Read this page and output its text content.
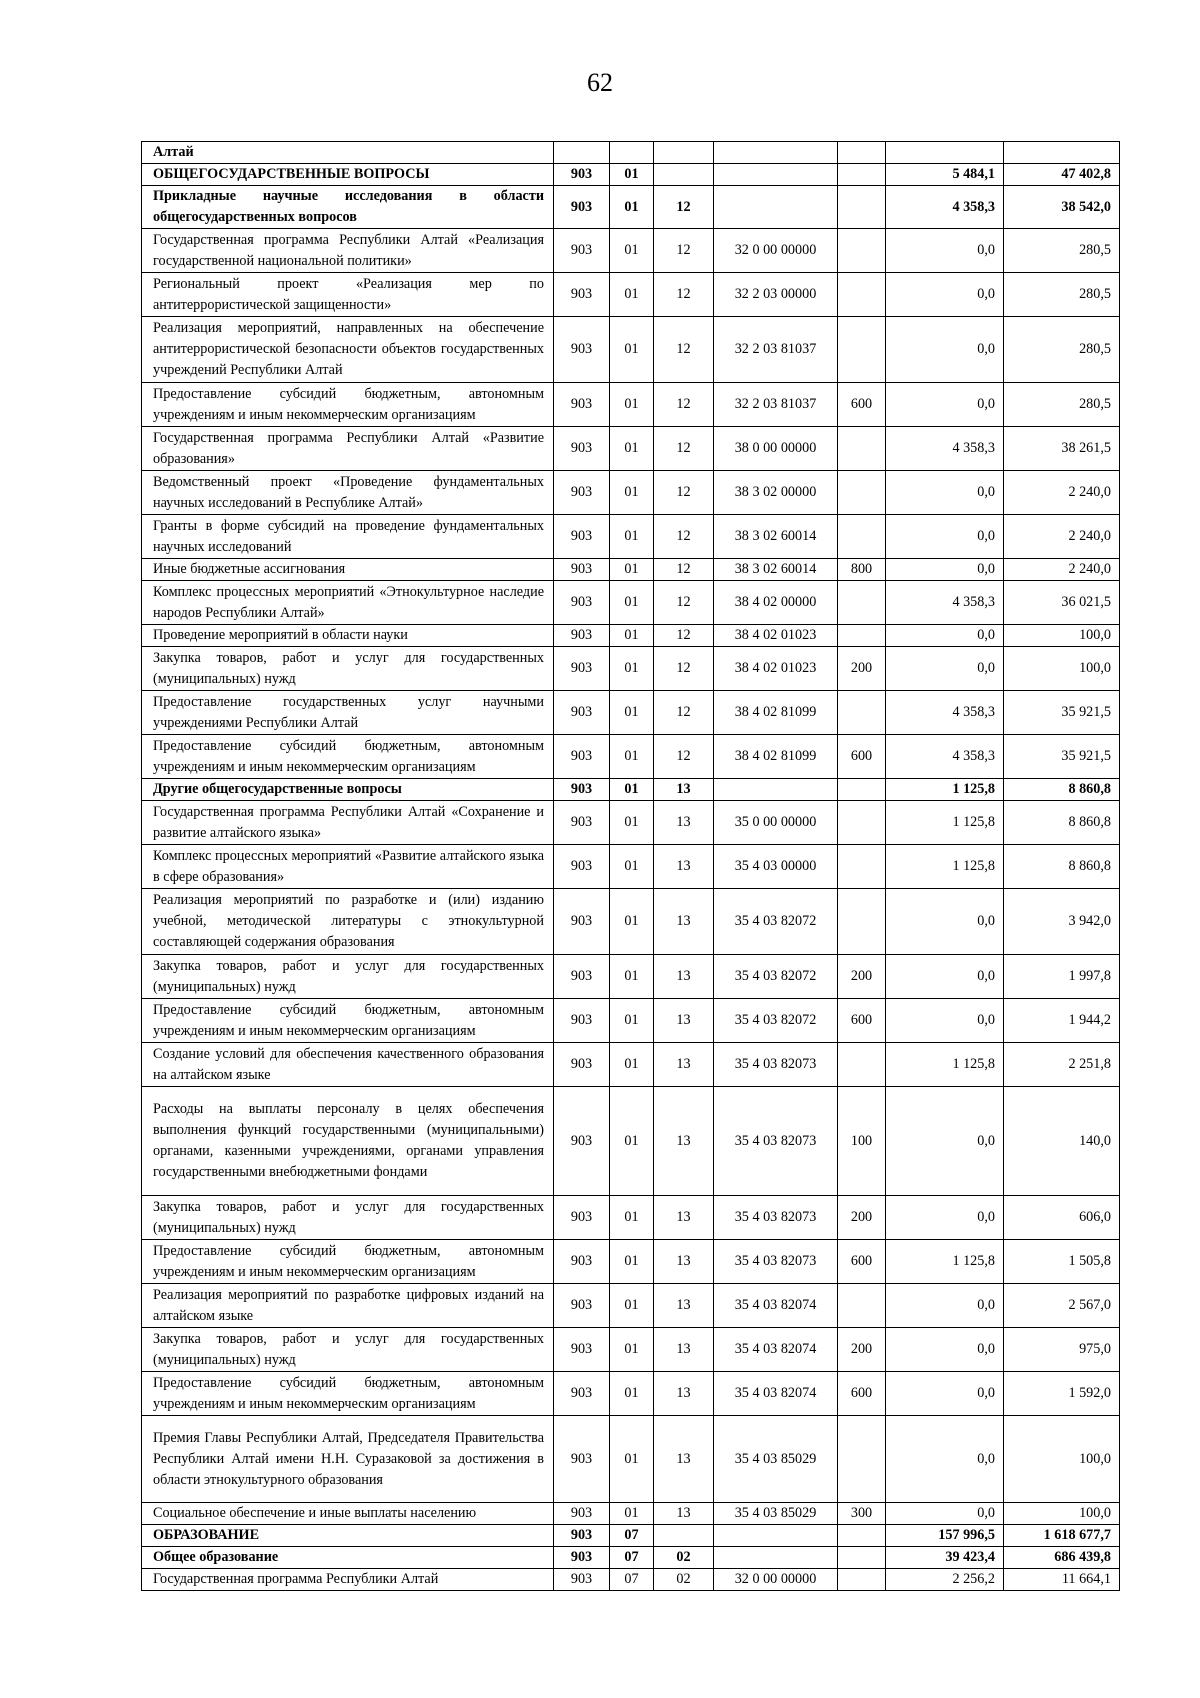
62
Алтай							
ОБЩЕГОСУДАРСТВЕННЫЕ ВОПРОСЫ	903	01				5 484,1	47 402,8
Прикладные научные исследования в области общегосударственных вопросов	903	01	12			4 358,3	38 542,0
Государственная программа Республики Алтай «Реализация государственной национальной политики»	903	01	12	32 0 00 00000		0,0	280,5
Региональный проект «Реализация мер по антитеррористической защищенности»	903	01	12	32 2 03 00000		0,0	280,5
Реализация мероприятий, направленных на обеспечение антитеррористической безопасности объектов государственных учреждений Республики Алтай	903	01	12	32 2 03 81037		0,0	280,5
Предоставление субсидий бюджетным, автономным учреждениям и иным некоммерческим организациям	903	01	12	32 2 03 81037	600	0,0	280,5
Государственная программа Республики Алтай «Развитие образования»	903	01	12	38 0 00 00000		4 358,3	38 261,5
Ведомственный проект «Проведение фундаментальных научных исследований в Республике Алтай»	903	01	12	38 3 02 00000		0,0	2 240,0
Гранты в форме субсидий на проведение фундаментальных научных исследований	903	01	12	38 3 02 60014		0,0	2 240,0
Иные бюджетные ассигнования	903	01	12	38 3 02 60014	800	0,0	2 240,0
Комплекс процессных мероприятий «Этнокультурное наследие народов Республики Алтай»	903	01	12	38 4 02 00000		4 358,3	36 021,5
Проведение мероприятий в области науки	903	01	12	38 4 02 01023		0,0	100,0
Закупка товаров, работ и услуг для государственных (муниципальных) нужд	903	01	12	38 4 02 01023	200	0,0	100,0
Предоставление государственных услуг научными учреждениями Республики Алтай	903	01	12	38 4 02 81099		4 358,3	35 921,5
Предоставление субсидий бюджетным, автономным учреждениям и иным некоммерческим организациям	903	01	12	38 4 02 81099	600	4 358,3	35 921,5
Другие общегосударственные вопросы	903	01	13			1 125,8	8 860,8
Государственная программа Республики Алтай «Сохранение и развитие алтайского языка»	903	01	13	35 0 00 00000		1 125,8	8 860,8
Комплекс процессных мероприятий «Развитие алтайского языка в сфере образования»	903	01	13	35 4 03 00000		1 125,8	8 860,8
Реализация мероприятий по разработке и (или) изданию учебной, методической литературы с этнокультурной составляющей содержания образования	903	01	13	35 4 03 82072		0,0	3 942,0
Закупка товаров, работ и услуг для государственных (муниципальных) нужд	903	01	13	35 4 03 82072	200	0,0	1 997,8
Предоставление субсидий бюджетным, автономным учреждениям и иным некоммерческим организациям	903	01	13	35 4 03 82072	600	0,0	1 944,2
Создание условий для обеспечения качественного образования на алтайском языке	903	01	13	35 4 03 82073		1 125,8	2 251,8
Расходы на выплаты персоналу в целях обеспечения выполнения функций государственными (муниципальными) органами, казенными учреждениями, органами управления государственными внебюджетными фондами	903	01	13	35 4 03 82073	100	0,0	140,0
Закупка товаров, работ и услуг для государственных (муниципальных) нужд	903	01	13	35 4 03 82073	200	0,0	606,0
Предоставление субсидий бюджетным, автономным учреждениям и иным некоммерческим организациям	903	01	13	35 4 03 82073	600	1 125,8	1 505,8
Реализация мероприятий по разработке цифровых изданий на алтайском языке	903	01	13	35 4 03 82074		0,0	2 567,0
Закупка товаров, работ и услуг для государственных (муниципальных) нужд	903	01	13	35 4 03 82074	200	0,0	975,0
Предоставление субсидий бюджетным, автономным учреждениям и иным некоммерческим организациям	903	01	13	35 4 03 82074	600	0,0	1 592,0
Премия Главы Республики Алтай, Председателя Правительства Республики Алтай имени Н.Н. Суразаковой за достижения в области этнокультурного образования	903	01	13	35 4 03 85029		0,0	100,0
Социальное обеспечение и иные выплаты населению	903	01	13	35 4 03 85029	300	0,0	100,0
ОБРАЗОВАНИЕ	903	07				157 996,5	1 618 677,7
Общее образование	903	07	02			39 423,4	686 439,8
Государственная программа Республики Алтай	903	07	02	32 0 00 00000		2 256,2	11 664,1
